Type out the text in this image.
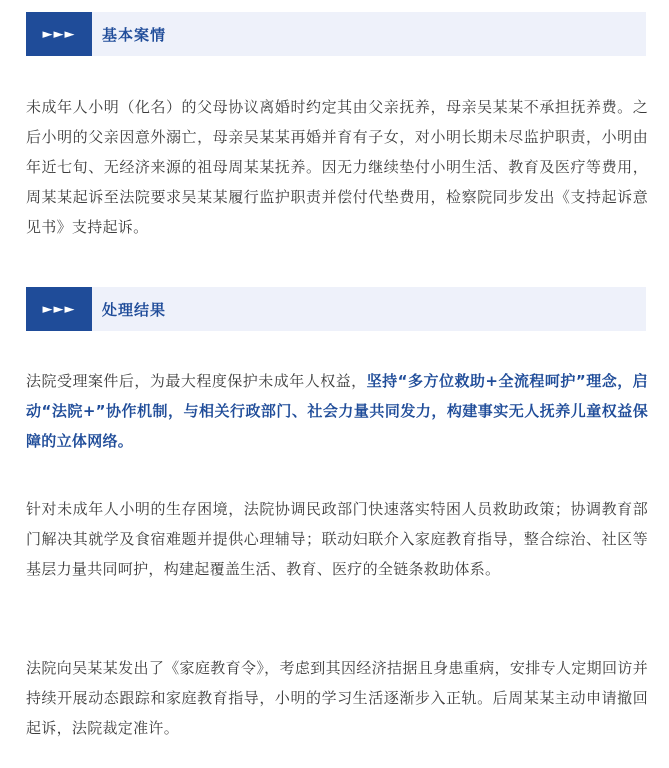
►►►	基本案情

未成年人小明（化名）的父母协议离婚时约定其由父亲抚养，母亲吴某某不承担抚养费。之后小明的父亲因意外溺亡，母亲吴某某再婚并育有子女，对小明长期未尽监护职责，小明由年近七旬、无经济来源的祖母周某某抚养。因无力继续垫付小明生活、教育及医疗等费用，周某某起诉至法院要求吴某某履行监护职责并偿付代垫费用，检察院同步发出《支持起诉意见书》支持起诉。

►►►	处理结果

法院受理案件后，为最大程度保护未成年人权益，坚持“多方位救助+全流程呵护”理念，启动“法院+”协作机制，与相关行政部门、社会力量共同发力，构建事实无人抚养儿童权益保障的立体网络。

针对未成年人小明的生存困境，法院协调民政部门快速落实特困人员救助政策；协调教育部门解决其就学及食宿难题并提供心理辅导；联动妇联介入家庭教育指导，整合综治、社区等基层力量共同呵护，构建起覆盖生活、教育、医疗的全链条救助体系。

法院向吴某某发出了《家庭教育令》，考虑到其因经济拮据且身患重病，安排专人定期回访并持续开展动态跟踪和家庭教育指导，小明的学习生活逐渐步入正轨。后周某某主动申请撤回起诉，法院裁定准许。
